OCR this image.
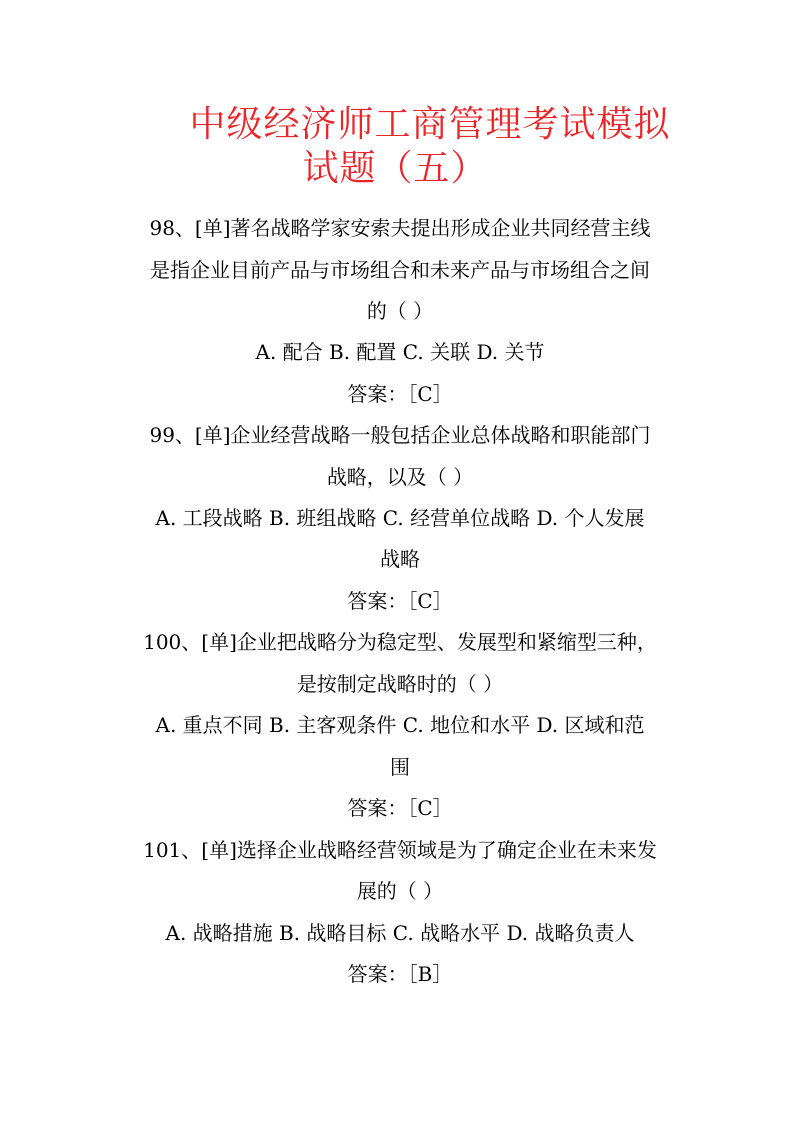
中级经济师工商管理考试模拟
试题（五）
98、[单]著名战略学家安索夫提出形成企业共同经营主线
是指企业目前产品与市场组合和未来产品与市场组合之间
的（ ）
A. 配合 B. 配置 C. 关联 D. 关节
答案：［C］
99、[单]企业经营战略一般包括企业总体战略和职能部门
战略，以及（ ）
A. 工段战略 B. 班组战略 C. 经营单位战略 D. 个人发展
战略
答案：［C］
100、[单]企业把战略分为稳定型、发展型和紧缩型三种，
是按制定战略时的（ ）
A. 重点不同 B. 主客观条件 C. 地位和水平 D. 区域和范
围
答案：［C］
101、[单]选择企业战略经营领域是为了确定企业在未来发
展的（ ）
A. 战略措施 B. 战略目标 C. 战略水平 D. 战略负责人
答案：［B］
